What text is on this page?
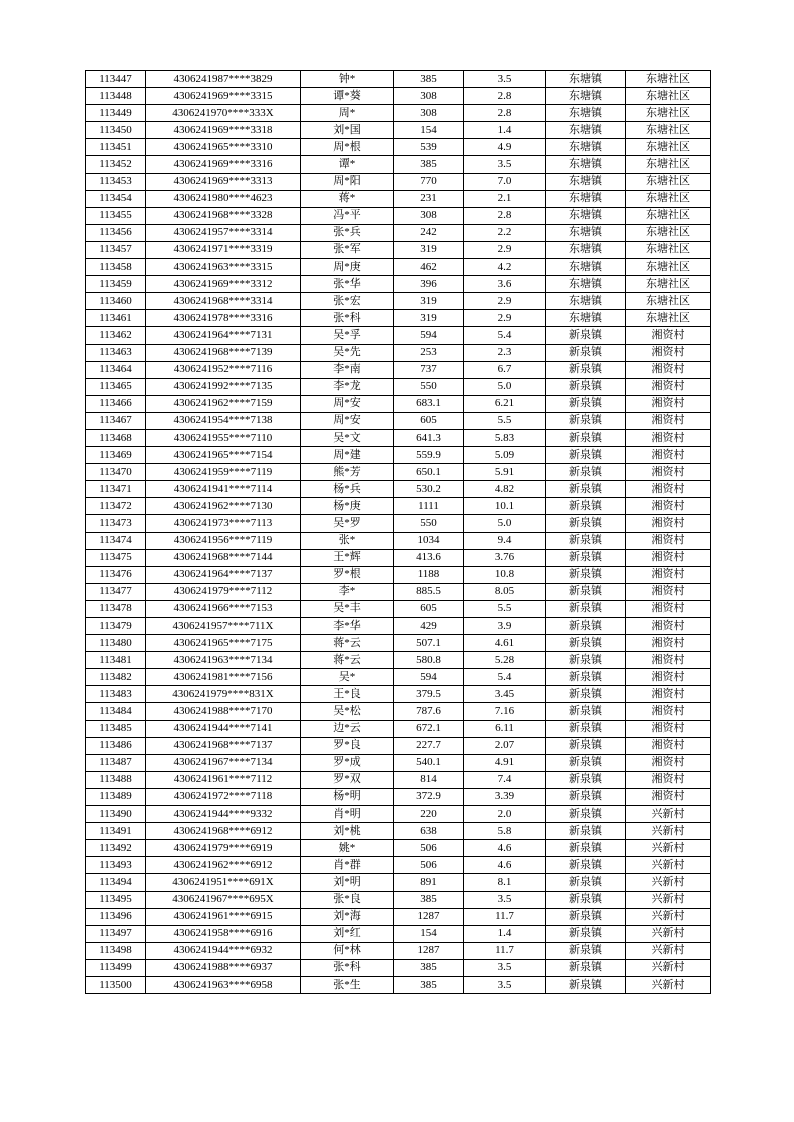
113447	4306241987****3829	钟*	385	3.5	东塘镇	东塘社区
113448	4306241969****3315	谭*葵	308	2.8	东塘镇	东塘社区
113449	4306241970****333X	周*	308	2.8	东塘镇	东塘社区
113450	4306241969****3318	刘*国	154	1.4	东塘镇	东塘社区
113451	4306241965****3310	周*根	539	4.9	东塘镇	东塘社区
113452	4306241969****3316	谭*	385	3.5	东塘镇	东塘社区
113453	4306241969****3313	周*阳	770	7.0	东塘镇	东塘社区
113454	4306241980****4623	蒋*	231	2.1	东塘镇	东塘社区
113455	4306241968****3328	冯*平	308	2.8	东塘镇	东塘社区
113456	4306241957****3314	张*兵	242	2.2	东塘镇	东塘社区
113457	4306241971****3319	张*军	319	2.9	东塘镇	东塘社区
113458	4306241963****3315	周*庚	462	4.2	东塘镇	东塘社区
113459	4306241969****3312	张*华	396	3.6	东塘镇	东塘社区
113460	4306241968****3314	张*宏	319	2.9	东塘镇	东塘社区
113461	4306241978****3316	张*科	319	2.9	东塘镇	东塘社区
113462	4306241964****7131	吴*孚	594	5.4	新泉镇	湘资村
113463	4306241968****7139	吴*先	253	2.3	新泉镇	湘资村
113464	4306241952****7116	李*南	737	6.7	新泉镇	湘资村
113465	4306241992****7135	李*龙	550	5.0	新泉镇	湘资村
113466	4306241962****7159	周*安	683.1	6.21	新泉镇	湘资村
113467	4306241954****7138	周*安	605	5.5	新泉镇	湘资村
113468	4306241955****7110	吴*文	641.3	5.83	新泉镇	湘资村
113469	4306241965****7154	周*建	559.9	5.09	新泉镇	湘资村
113470	4306241959****7119	熊*芳	650.1	5.91	新泉镇	湘资村
113471	4306241941****7114	杨*兵	530.2	4.82	新泉镇	湘资村
113472	4306241962****7130	杨*庚	1111	10.1	新泉镇	湘资村
113473	4306241973****7113	吴*罗	550	5.0	新泉镇	湘资村
113474	4306241956****7119	张*	1034	9.4	新泉镇	湘资村
113475	4306241968****7144	王*辉	413.6	3.76	新泉镇	湘资村
113476	4306241964****7137	罗*根	1188	10.8	新泉镇	湘资村
113477	4306241979****7112	李*	885.5	8.05	新泉镇	湘资村
113478	4306241966****7153	吴*丰	605	5.5	新泉镇	湘资村
113479	4306241957****711X	李*华	429	3.9	新泉镇	湘资村
113480	4306241965****7175	蒋*云	507.1	4.61	新泉镇	湘资村
113481	4306241963****7134	蒋*云	580.8	5.28	新泉镇	湘资村
113482	4306241981****7156	吴*	594	5.4	新泉镇	湘资村
113483	4306241979****831X	王*良	379.5	3.45	新泉镇	湘资村
113484	4306241988****7170	吴*松	787.6	7.16	新泉镇	湘资村
113485	4306241944****7141	边*云	672.1	6.11	新泉镇	湘资村
113486	4306241968****7137	罗*良	227.7	2.07	新泉镇	湘资村
113487	4306241967****7134	罗*成	540.1	4.91	新泉镇	湘资村
113488	4306241961****7112	罗*双	814	7.4	新泉镇	湘资村
113489	4306241972****7118	杨*明	372.9	3.39	新泉镇	湘资村
113490	4306241944****9332	肖*明	220	2.0	新泉镇	兴新村
113491	4306241968****6912	刘*桃	638	5.8	新泉镇	兴新村
113492	4306241979****6919	姚*	506	4.6	新泉镇	兴新村
113493	4306241962****6912	肖*群	506	4.6	新泉镇	兴新村
113494	4306241951****691X	刘*明	891	8.1	新泉镇	兴新村
113495	4306241967****695X	张*良	385	3.5	新泉镇	兴新村
113496	4306241961****6915	刘*海	1287	11.7	新泉镇	兴新村
113497	4306241958****6916	刘*红	154	1.4	新泉镇	兴新村
113498	4306241944****6932	何*林	1287	11.7	新泉镇	兴新村
113499	4306241988****6937	张*科	385	3.5	新泉镇	兴新村
113500	4306241963****6958	张*生	385	3.5	新泉镇	兴新村
